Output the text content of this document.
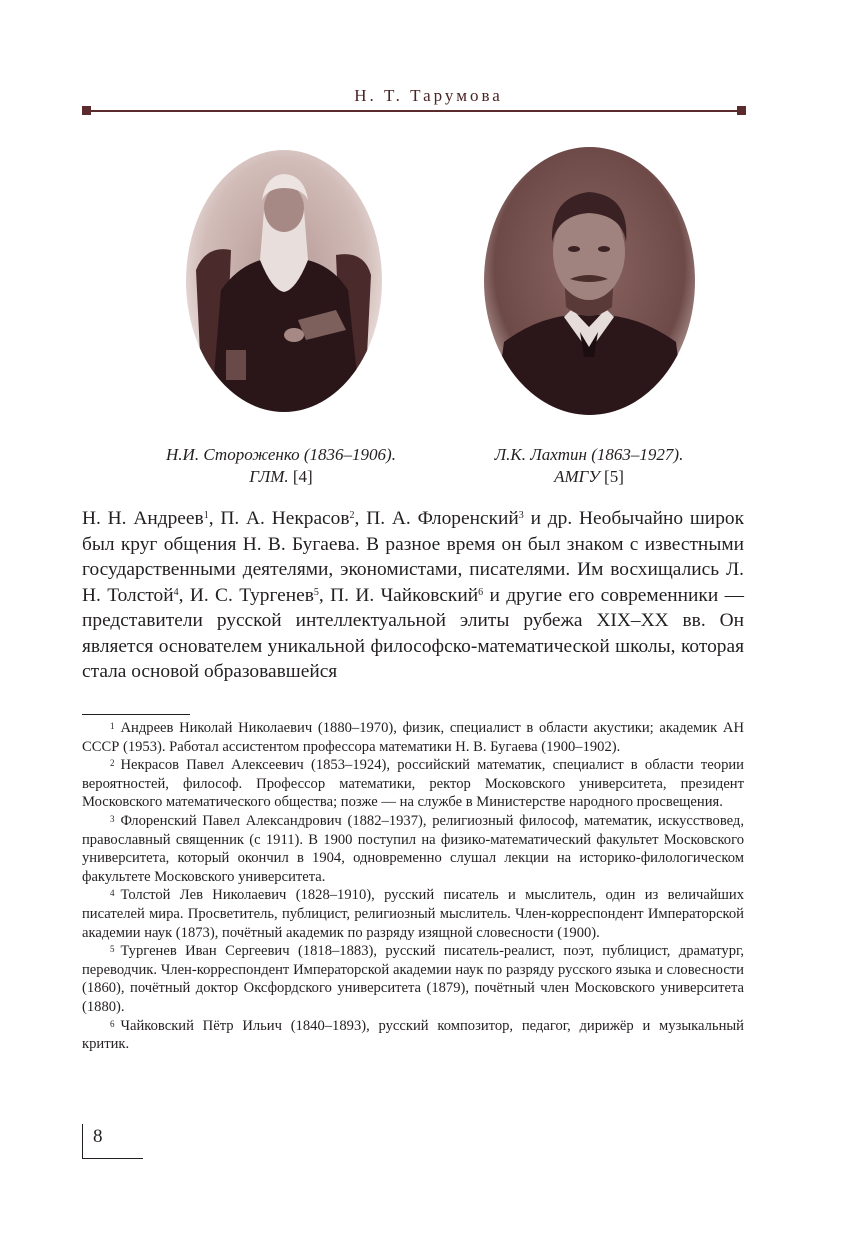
Н. Т. Тарумова
Н.И. Стороженко (1836–1906).
ГЛМ. [4]
Л.К. Лахтин (1863–1927).
АМГУ [5]

Н. Н. Андреев$^1$, П. А. Некрасов$^2$, П. А. Флоренский$^3$ и др. Необычайно широк был круг общения Н. В. Бугаева. В разное время он был знаком с известными государственными деятелями, экономистами, писателями. Им восхищались Л. Н. Толстой$^4$, И. С. Тургенев$^5$, П. И. Чайковский$^6$ и другие его современники — представители русской интеллектуальной элиты рубежа XIX–XX вв. Он является основателем уникальной философско-математической школы, которая стала основой образовавшейся

$^1$ Андреев Николай Николаевич (1880–1970), физик, специалист в области акустики; академик АН СССР (1953). Работал ассистентом профессора математики Н. В. Бугаева (1900–1902).

$^2$ Некрасов Павел Алексеевич (1853–1924), российский математик, специалист в области теории вероятностей, философ. Профессор математики, ректор Московского университета, президент Московского математического общества; позже — на службе в Министерстве народного просвещения.

$^3$ Флоренский Павел Александрович (1882–1937), религиозный философ, математик, искусствовед, православный священник (с 1911). В 1900 поступил на физико-математический факультет Московского университета, который окончил в 1904, одновременно слушал лекции на историко-филологическом факультете Московского университета.

$^4$ Толстой Лев Николаевич (1828–1910), русский писатель и мыслитель, один из величайших писателей мира. Просветитель, публицист, религиозный мыслитель. Член-корреспондент Императорской академии наук (1873), почётный академик по разряду изящной словесности (1900).

$^5$ Тургенев Иван Сергеевич (1818–1883), русский писатель-реалист, поэт, публицист, драматург, переводчик. Член-корреспондент Императорской академии наук по разряду русского языка и словесности (1860), почётный доктор Оксфордского университета (1879), почётный член Московского университета (1880).

$^6$ Чайковский Пётр Ильич (1840–1893), русский композитор, педагог, дирижёр и музыкальный критик.

8
